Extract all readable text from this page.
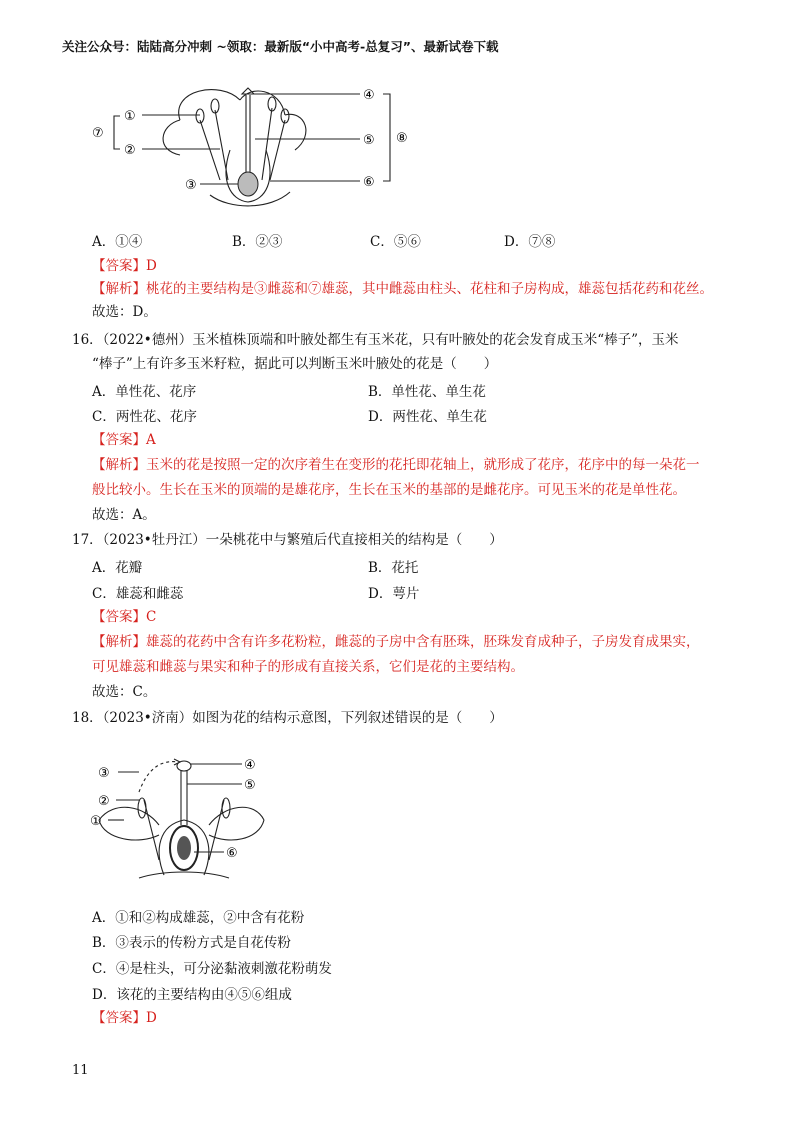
关注公众号：陆陆高分冲刺 ~领取：最新版“小中高考-总复习”、最新试卷下载
①
②
③
④
⑤
⑥
⑦	⑧
A．①④	B．②③	C．⑤⑥	D．⑦⑧
【答案】D
【解析】桃花的主要结构是③雌蕊和⑦雄蕊，其中雌蕊由柱头、花柱和子房构成，雄蕊包括花药和花丝。
故选：D。
16．（2022•德州）玉米植株顶端和叶腋处都生有玉米花，只有叶腋处的花会发育成玉米“棒子”，玉米
“棒子”上有许多玉米籽粒，据此可以判断玉米叶腋处的花是（　　）
A．单性花、花序	B．单性花、单生花
C．两性花、花序	D．两性花、单生花
【答案】A
【解析】玉米的花是按照一定的次序着生在变形的花托即花轴上，就形成了花序，花序中的每一朵花一
般比较小。生长在玉米的顶端的是雄花序，生长在玉米的基部的是雌花序。可见玉米的花是单性花。
故选：A。
17．（2023•牡丹江）一朵桃花中与繁殖后代直接相关的结构是（　　）
A．花瓣	B．花托
C．雄蕊和雌蕊	D．萼片
【答案】C
【解析】雄蕊的花药中含有许多花粉粒，雌蕊的子房中含有胚珠，胚珠发育成种子，子房发育成果实，
可见雄蕊和雌蕊与果实和种子的形成有直接关系，它们是花的主要结构。
故选：C。
18．（2023•济南）如图为花的结构示意图，下列叙述错误的是（　　）
③
②
①
④
⑤
⑥
A．①和②构成雄蕊，②中含有花粉
B．③表示的传粉方式是自花传粉
C．④是柱头，可分泌黏液刺激花粉萌发
D．该花的主要结构由④⑤⑥组成
【答案】D
11
